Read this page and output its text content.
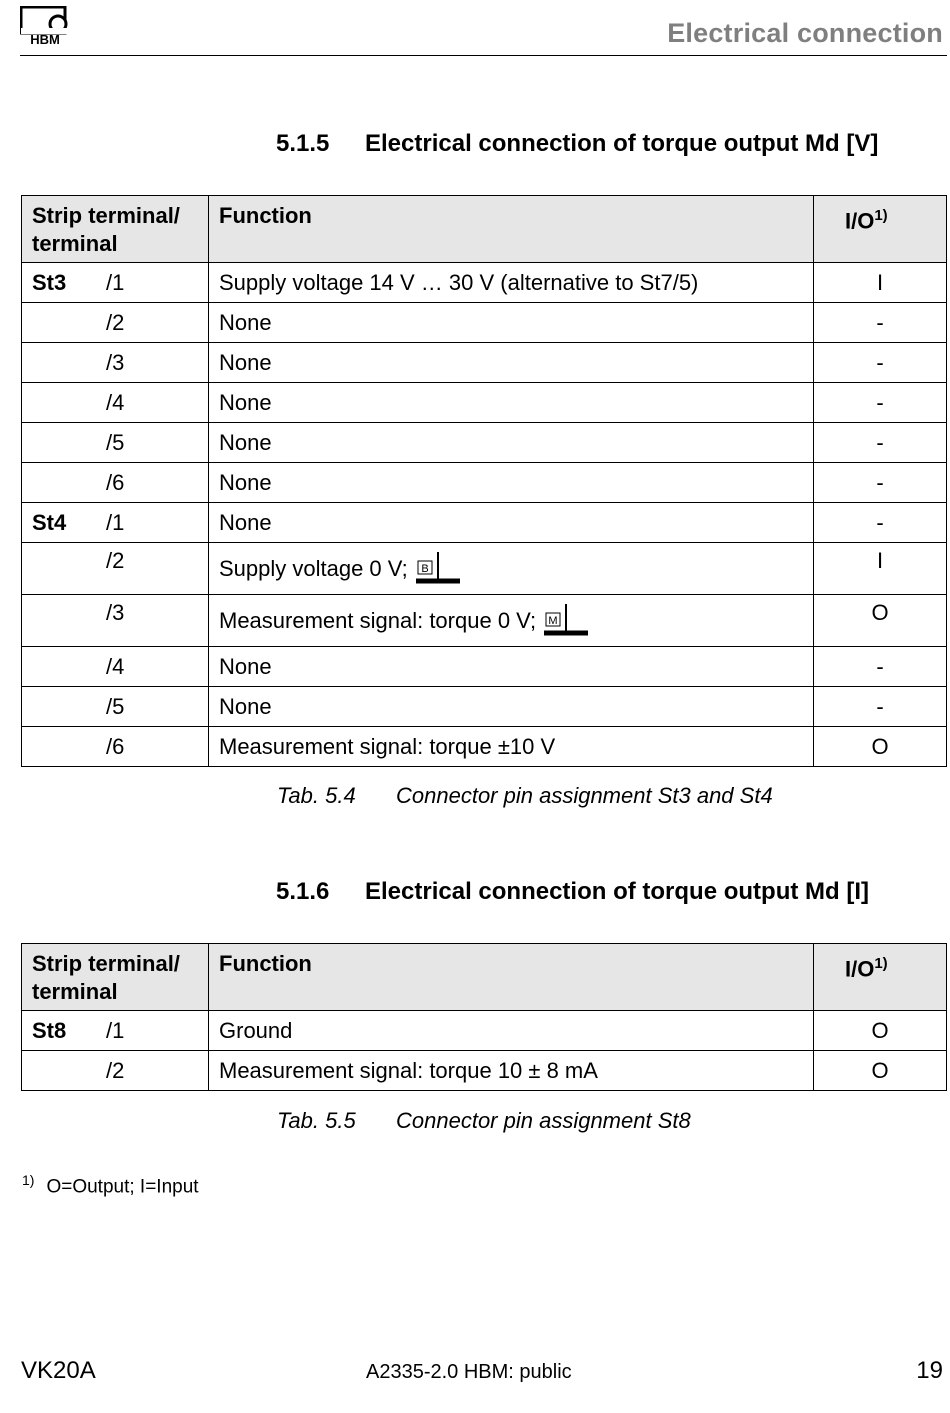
HBM	Electrical connection
5.1.5 Electrical connection of torque output Md [V]
Strip terminal/ terminal	Function	$I/O^{1)}$
St3 /1	Supply voltage 14 V … 30 V (alternative to St7/5)	I
/2	None	-
/3	None	-
/4	None	-
/5	None	-
/6	None	-
St4 /1	None	-
/2	Supply voltage 0 V; B	I
/3	Measurement signal: torque 0 V; M	O
/4	None	-
/5	None	-
/6	Measurement signal: torque ±10 V	O
Tab. 5.4 Connector pin assignment St3 and St4
5.1.6 Electrical connection of torque output Md [I]
Strip terminal/ terminal	Function	$I/O^{1)}$
St8 /1	Ground	O
/2	Measurement signal: torque 10 ± 8 mA	O
Tab. 5.5 Connector pin assignment St8
$^{1)}$ O=Output; I=Input
VK20A	A2335-2.0 HBM: public	19
